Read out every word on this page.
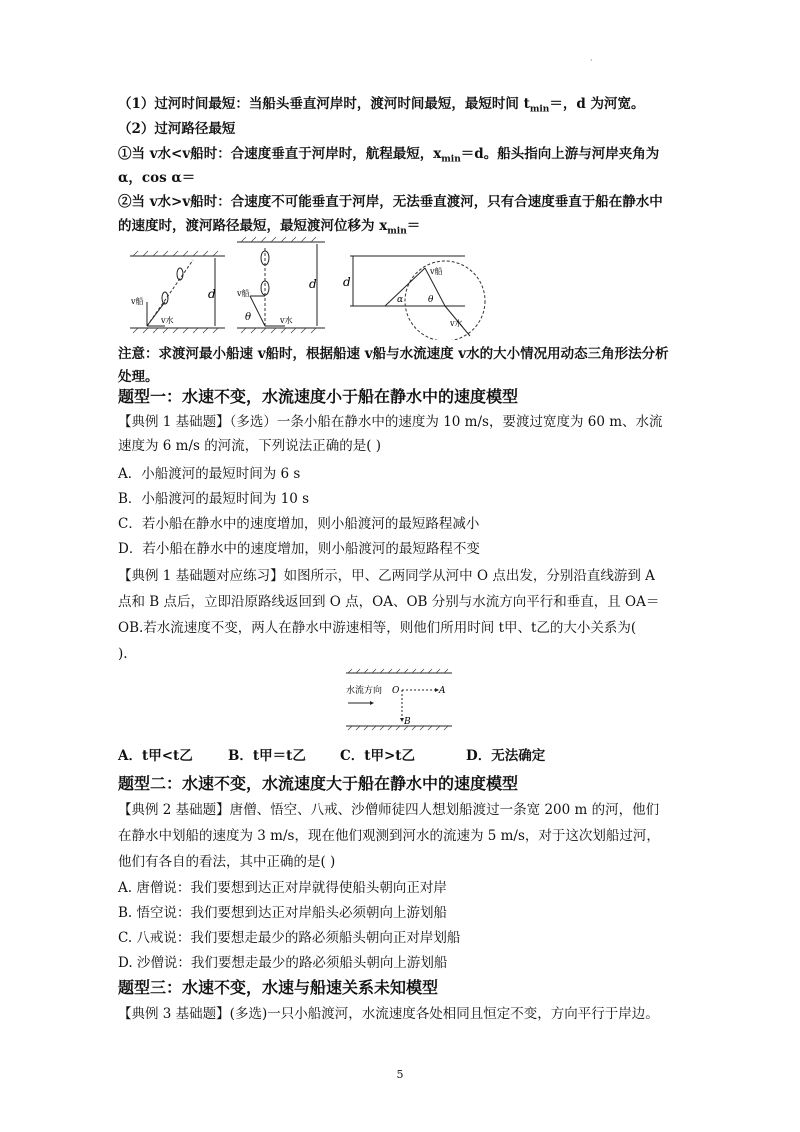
·
（1）过河时间最短：当船头垂直河岸时，渡河时间最短，最短时间 $t_{min}=$，d 为河宽。
（2）过河路径最短
①当 v水<v船时：合速度垂直于河岸时，航程最短，$x_{min}=d$。船头指向上游与河岸夹角为
α，cos α＝
②当 v水>v船时：合速度不可能垂直于河岸，无法垂直渡河，只有合速度垂直于船在静水中
的速度时，渡河路径最短，最短渡河位移为 $x_{min}=$
d
v船
v水
d
v船
v水
θ
d
α	θ
v船
v水
注意：求渡河最小船速 v船时，根据船速 v船与水流速度 v水的大小情况用动态三角形法分析
处理。
题型一：水速不变，水流速度小于船在静水中的速度模型
【典例 1 基础题】（多选）一条小船在静水中的速度为 10 m/s，要渡过宽度为 60 m、水流
速度为 6 m/s 的河流，下列说法正确的是( )
A．小船渡河的最短时间为 6 s
B．小船渡河的最短时间为 10 s
C．若小船在静水中的速度增加，则小船渡河的最短路程减小
D．若小船在静水中的速度增加，则小船渡河的最短路程不变
【典例 1 基础题对应练习】如图所示，甲、乙两同学从河中 O 点出发，分别沿直线游到 A
点和 B 点后，立即沿原路线返回到 O 点，OA、OB 分别与水流方向平行和垂直，且 OA＝
OB.若水流速度不变，两人在静水中游速相等，则他们所用时间 t甲、t乙的大小关系为(
).
水流方向 O	A
B
A．t甲<t乙	B．t甲＝t乙	C．t甲>t乙	D．无法确定
题型二：水速不变，水流速度大于船在静水中的速度模型
【典例 2 基础题】唐僧、悟空、八戒、沙僧师徒四人想划船渡过一条宽 200 m 的河，他们
在静水中划船的速度为 3 m/s，现在他们观测到河水的流速为 5 m/s，对于这次划船过河，
他们有各自的看法，其中正确的是( )
A. 唐僧说：我们要想到达正对岸就得使船头朝向正对岸
B. 悟空说：我们要想到达正对岸船头必须朝向上游划船
C. 八戒说：我们要想走最少的路必须船头朝向正对岸划船
D. 沙僧说：我们要想走最少的路必须船头朝向上游划船
题型三：水速不变，水速与船速关系未知模型
【典例 3 基础题】(多选)一只小船渡河，水流速度各处相同且恒定不变，方向平行于岸边。
5
